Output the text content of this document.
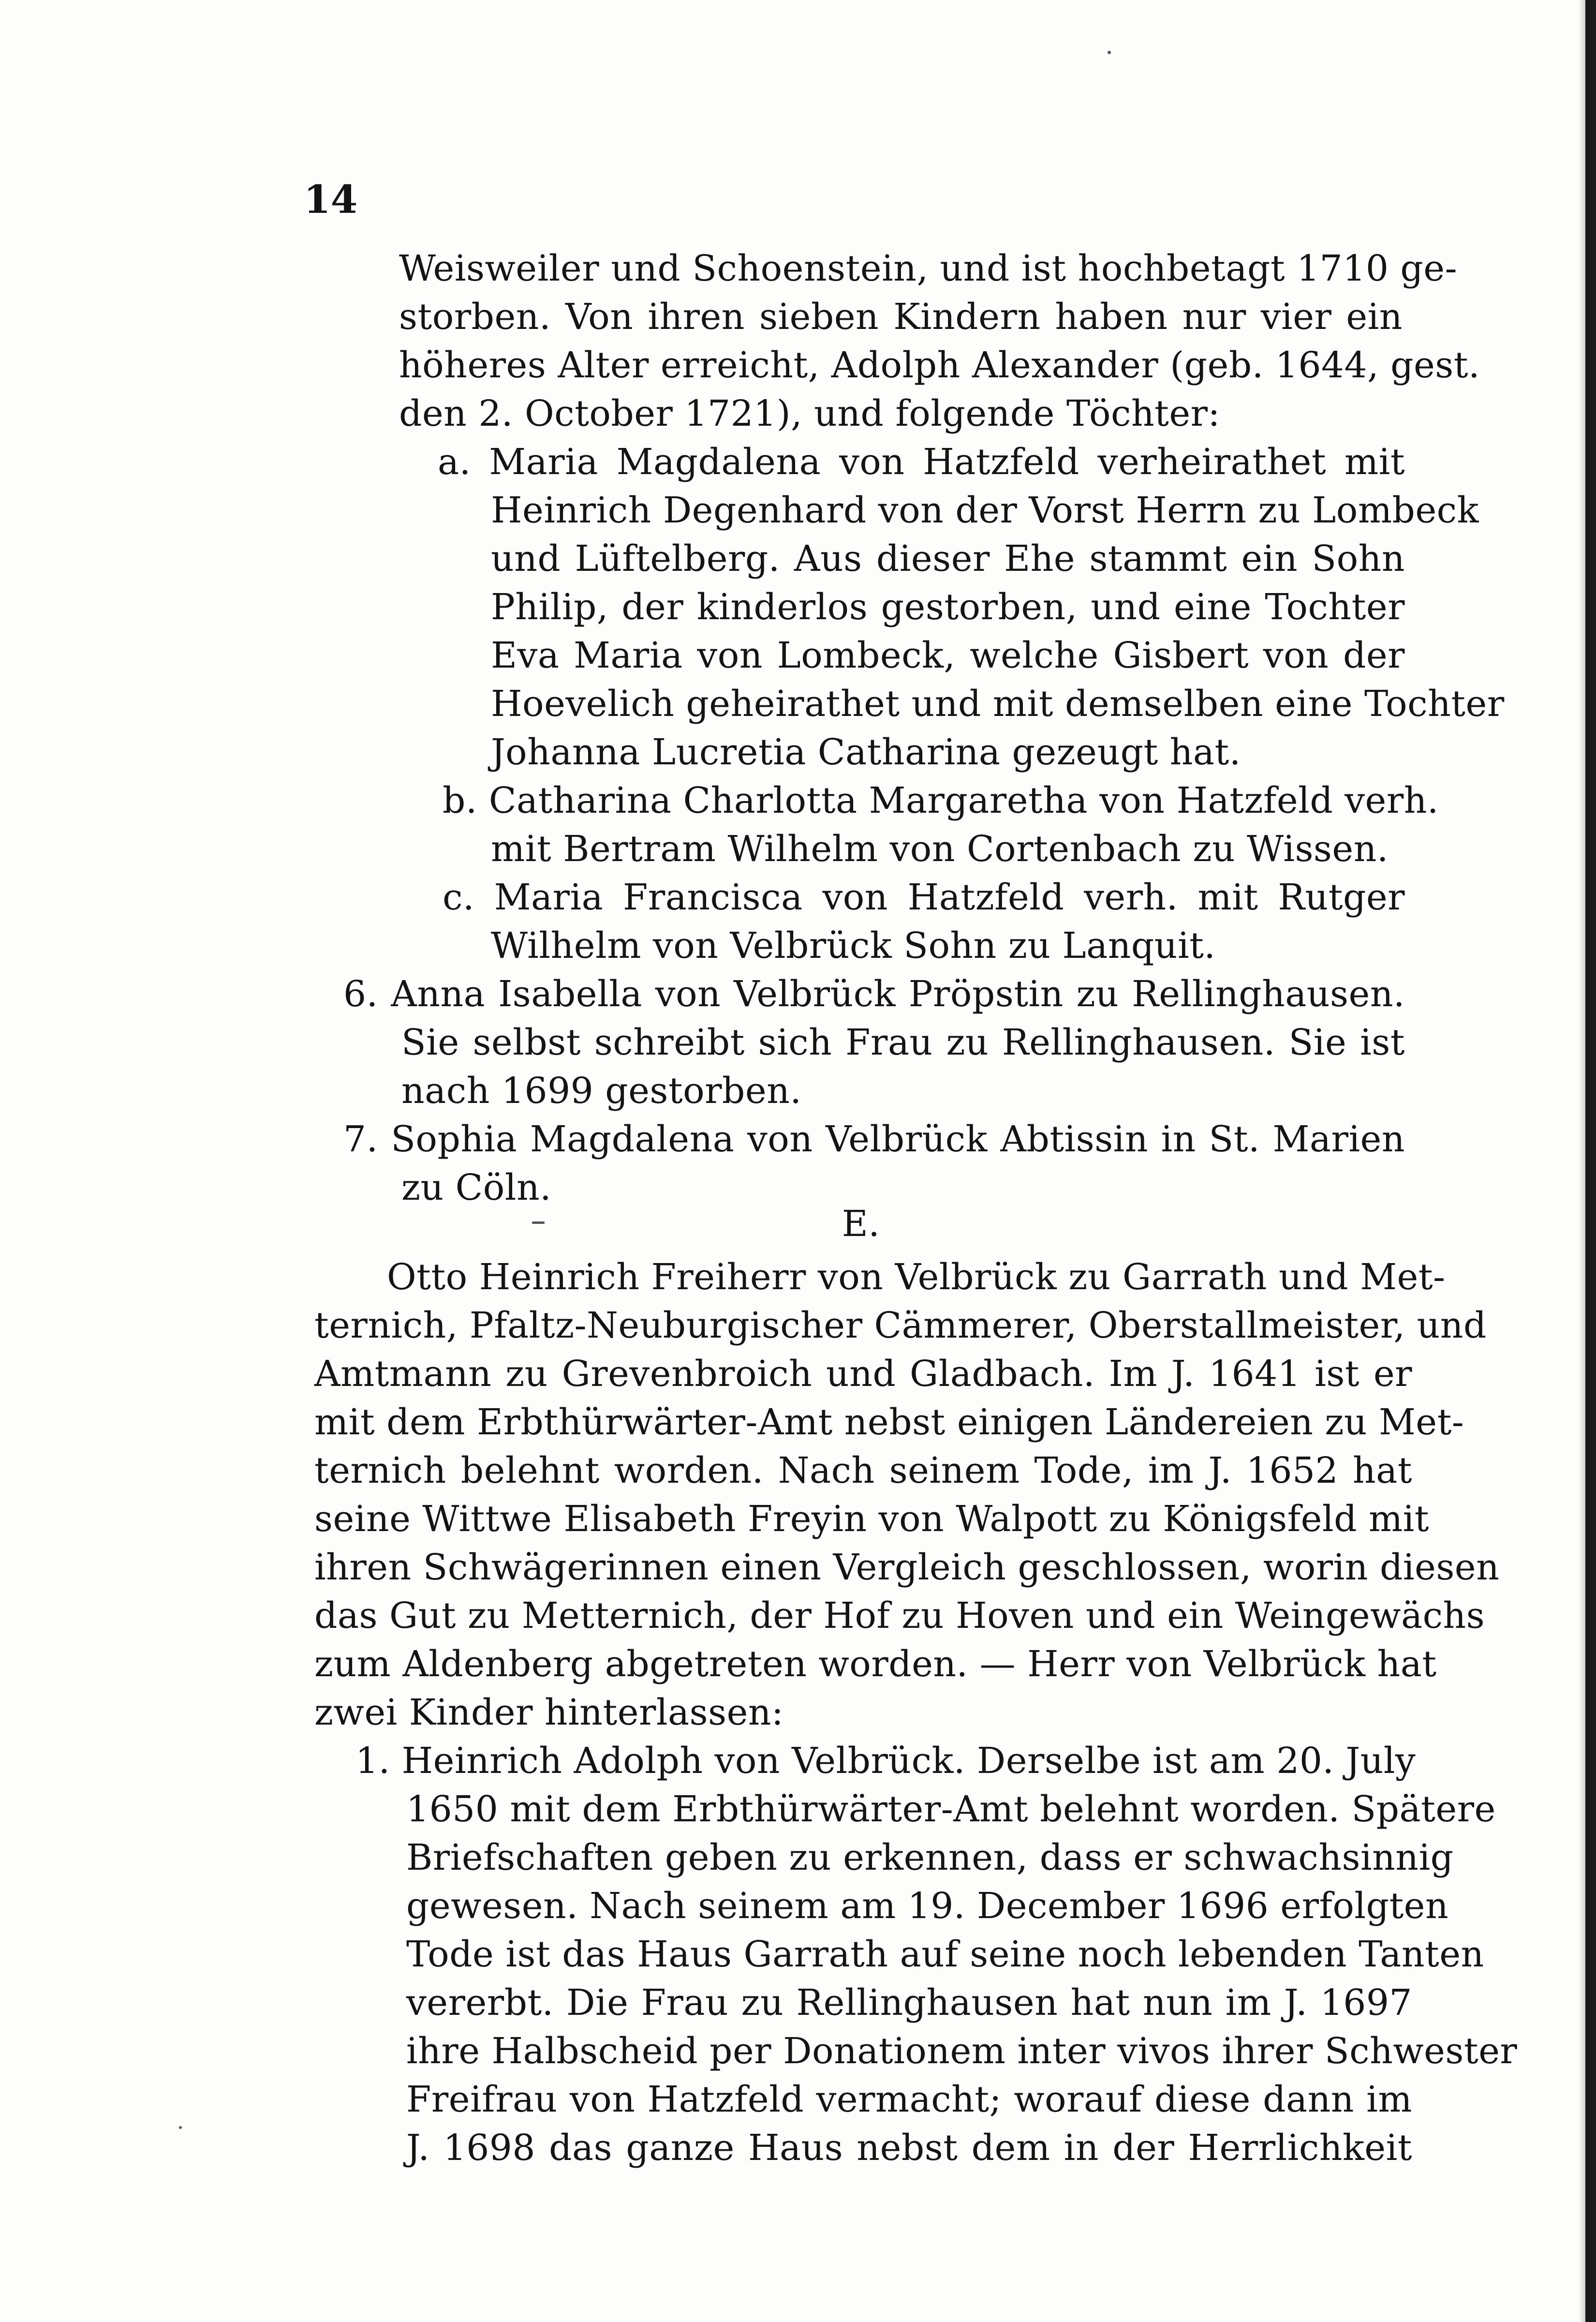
14
Weisweiler und Schoenstein, und ist hochbetagt 1710 ge-
storben. Von ihren sieben Kindern haben nur vier ein
höheres Alter erreicht, Adolph Alexander (geb. 1644, gest.
den 2. October 1721), und folgende Töchter:
a. Maria Magdalena von Hatzfeld verheirathet mit
Heinrich Degenhard von der Vorst Herrn zu Lombeck
und Lüftelberg. Aus dieser Ehe stammt ein Sohn
Philip, der kinderlos gestorben, und eine Tochter
Eva Maria von Lombeck, welche Gisbert von der
Hoevelich geheirathet und mit demselben eine Tochter
Johanna Lucretia Catharina gezeugt hat.
b. Catharina Charlotta Margaretha von Hatzfeld verh.
mit Bertram Wilhelm von Cortenbach zu Wissen.
c. Maria Francisca von Hatzfeld verh. mit Rutger
Wilhelm von Velbrück Sohn zu Lanquit.
6. Anna Isabella von Velbrück Pröpstin zu Rellinghausen.
Sie selbst schreibt sich Frau zu Rellinghausen. Sie ist
nach 1699 gestorben.
7. Sophia Magdalena von Velbrück Abtissin in St. Marien
zu Cöln.
E.
Otto Heinrich Freiherr von Velbrück zu Garrath und Met-
ternich, Pfaltz-Neuburgischer Cämmerer, Oberstallmeister, und
Amtmann zu Grevenbroich und Gladbach. Im J. 1641 ist er
mit dem Erbthürwärter-Amt nebst einigen Ländereien zu Met-
ternich belehnt worden. Nach seinem Tode, im J. 1652 hat
seine Wittwe Elisabeth Freyin von Walpott zu Königsfeld mit
ihren Schwägerinnen einen Vergleich geschlossen, worin diesen
das Gut zu Metternich, der Hof zu Hoven und ein Weingewächs
zum Aldenberg abgetreten worden. — Herr von Velbrück hat
zwei Kinder hinterlassen:
1. Heinrich Adolph von Velbrück. Derselbe ist am 20. July
1650 mit dem Erbthürwärter-Amt belehnt worden. Spätere
Briefschaften geben zu erkennen, dass er schwachsinnig
gewesen. Nach seinem am 19. December 1696 erfolgten
Tode ist das Haus Garrath auf seine noch lebenden Tanten
vererbt. Die Frau zu Rellinghausen hat nun im J. 1697
ihre Halbscheid per Donationem inter vivos ihrer Schwester
Freifrau von Hatzfeld vermacht; worauf diese dann im
J. 1698 das ganze Haus nebst dem in der Herrlichkeit
